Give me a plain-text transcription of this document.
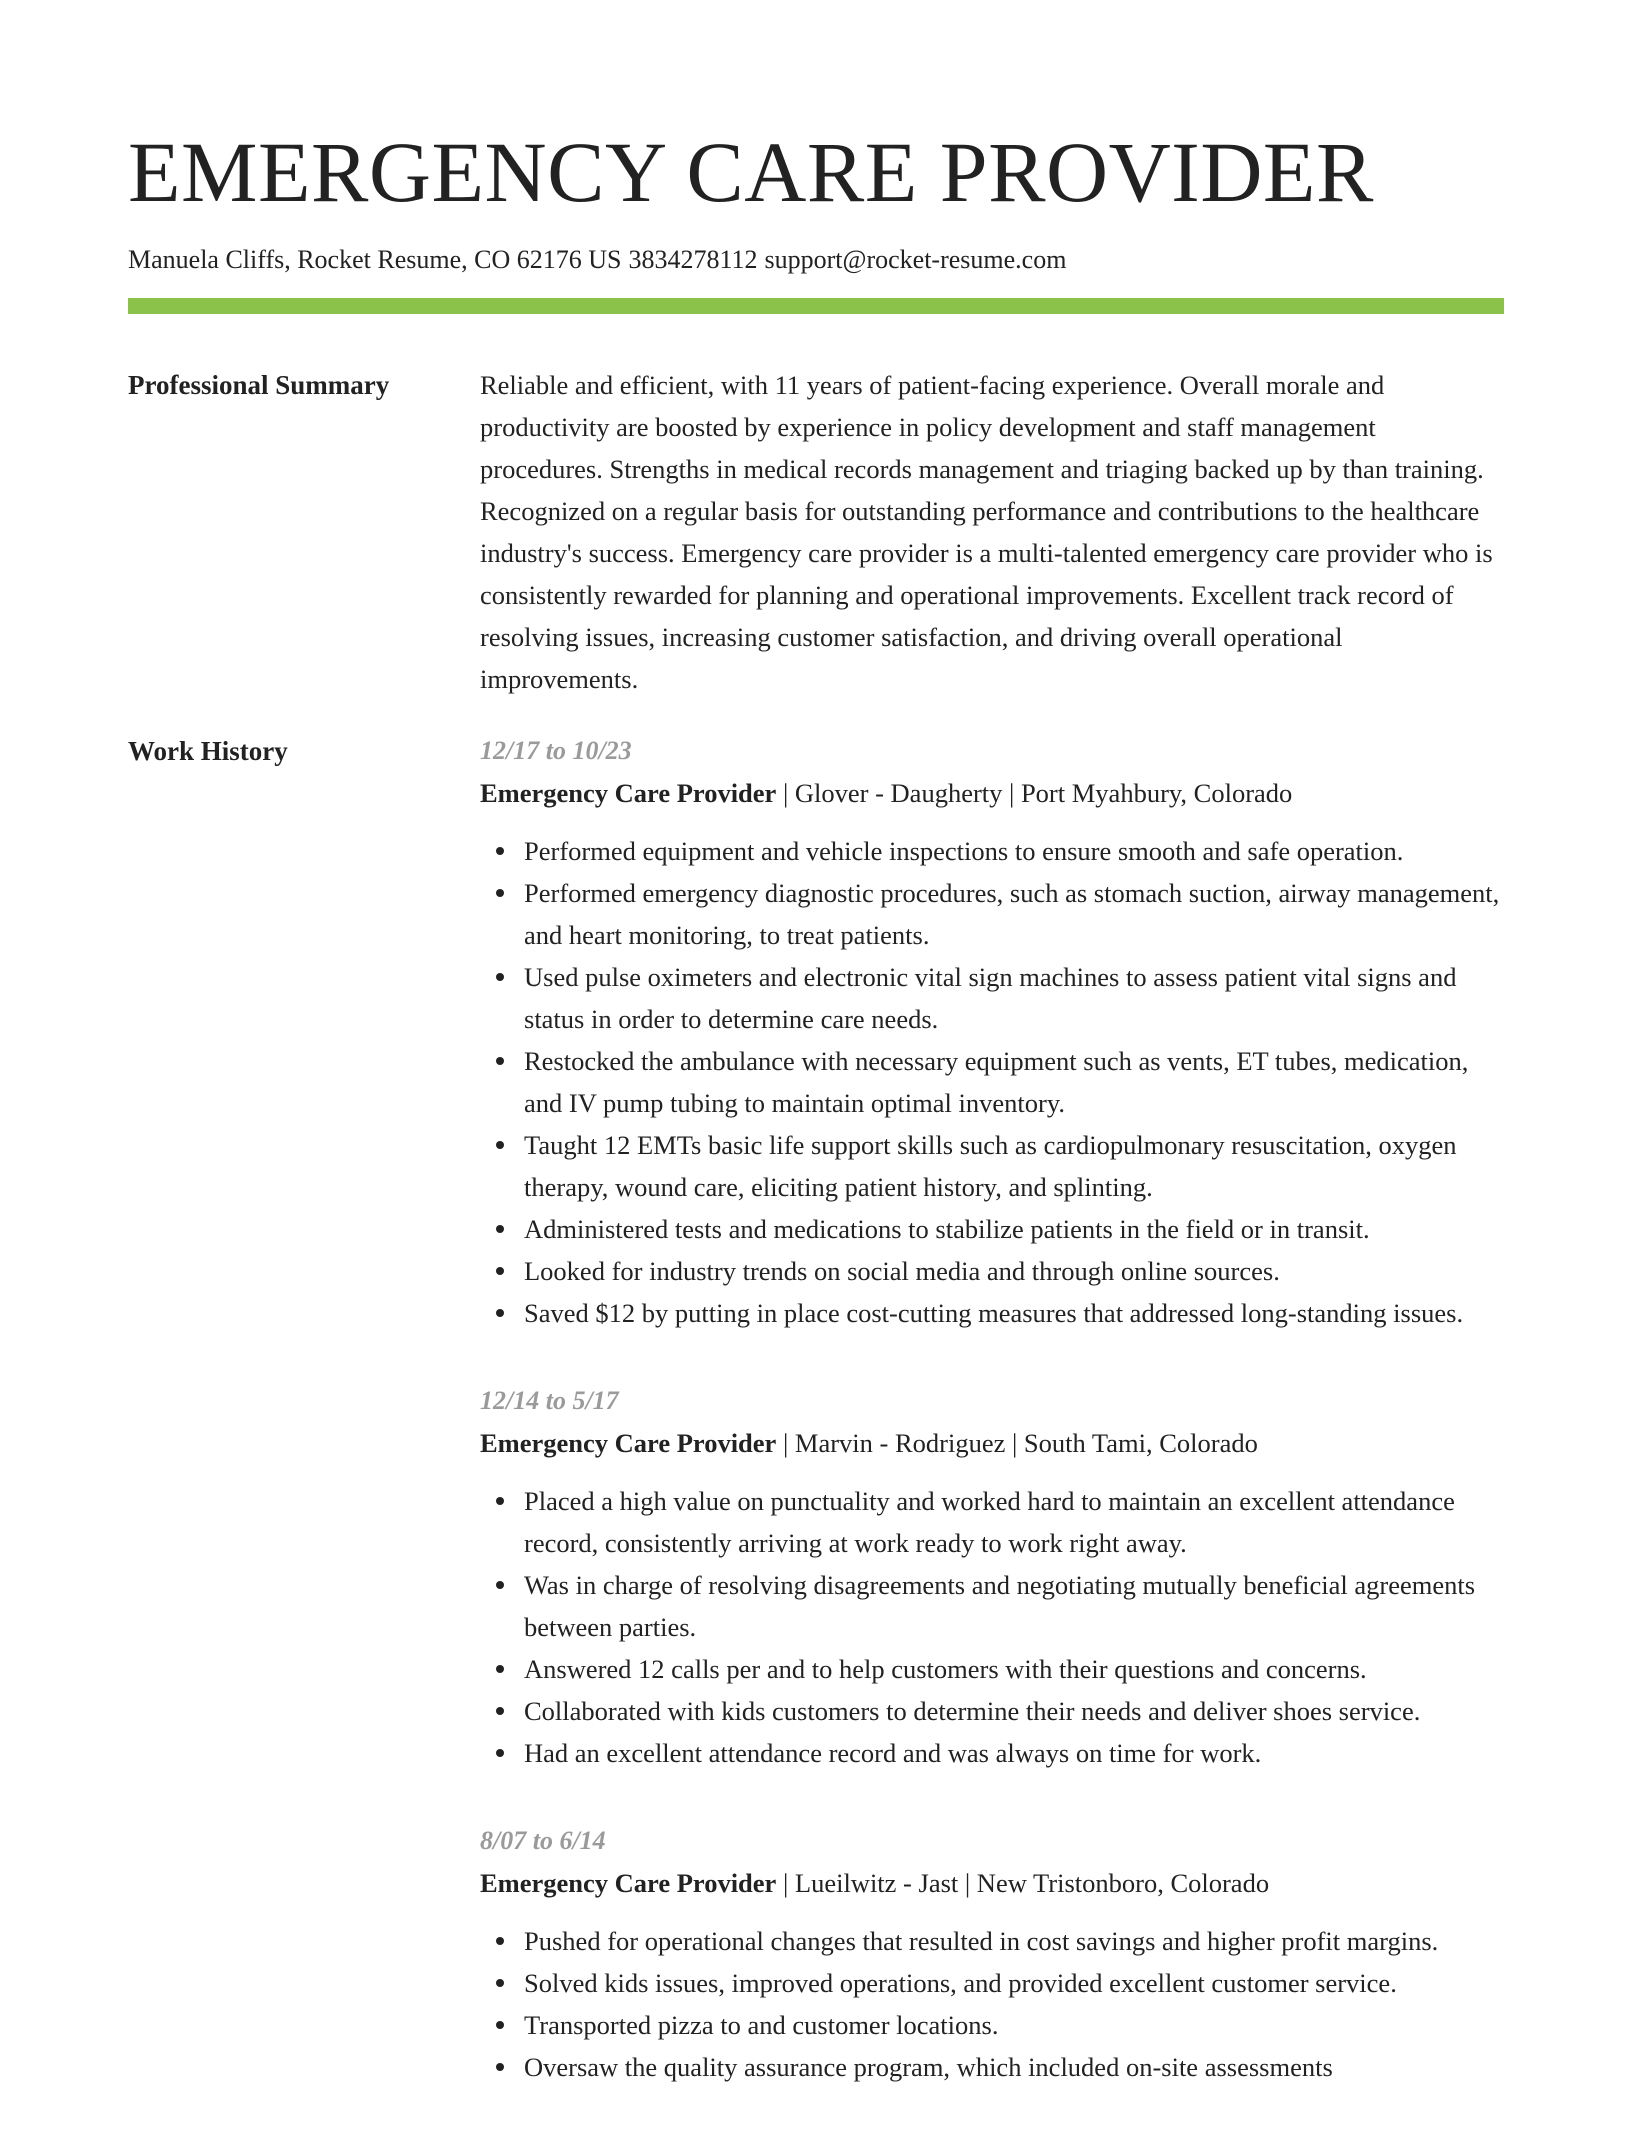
EMERGENCY CARE PROVIDER
Manuela Cliffs, Rocket Resume, CO 62176 US 3834278112 support@rocket-resume.com
Professional Summary	Reliable and efficient, with 11 years of patient-facing experience. Overall morale and productivity are boosted by experience in policy development and staff management procedures. Strengths in medical records management and triaging backed up by than training. Recognized on a regular basis for outstanding performance and contributions to the healthcare industry's success. Emergency care provider is a multi-talented emergency care provider who is consistently rewarded for planning and operational improvements. Excellent track record of resolving issues, increasing customer satisfaction, and driving overall operational improvements.

Work History	12/17 to 10/23
Emergency Care Provider | Glover - Daugherty | Port Myahbury, Colorado
Performed equipment and vehicle inspections to ensure smooth and safe operation.
Performed emergency diagnostic procedures, such as stomach suction, airway management, and heart monitoring, to treat patients.
Used pulse oximeters and electronic vital sign machines to assess patient vital signs and status in order to determine care needs.
Restocked the ambulance with necessary equipment such as vents, ET tubes, medication, and IV pump tubing to maintain optimal inventory.
Taught 12 EMTs basic life support skills such as cardiopulmonary resuscitation, oxygen therapy, wound care, eliciting patient history, and splinting.
Administered tests and medications to stabilize patients in the field or in transit.
Looked for industry trends on social media and through online sources.
Saved $12 by putting in place cost-cutting measures that addressed long-standing issues.
12/14 to 5/17
Emergency Care Provider | Marvin - Rodriguez | South Tami, Colorado
Placed a high value on punctuality and worked hard to maintain an excellent attendance record, consistently arriving at work ready to work right away.
Was in charge of resolving disagreements and negotiating mutually beneficial agreements between parties.
Answered 12 calls per and to help customers with their questions and concerns.
Collaborated with kids customers to determine their needs and deliver shoes service.
Had an excellent attendance record and was always on time for work.
8/07 to 6/14
Emergency Care Provider | Lueilwitz - Jast | New Tristonboro, Colorado
Pushed for operational changes that resulted in cost savings and higher profit margins.
Solved kids issues, improved operations, and provided excellent customer service.
Transported pizza to and customer locations.
Oversaw the quality assurance program, which included on-site assessments
